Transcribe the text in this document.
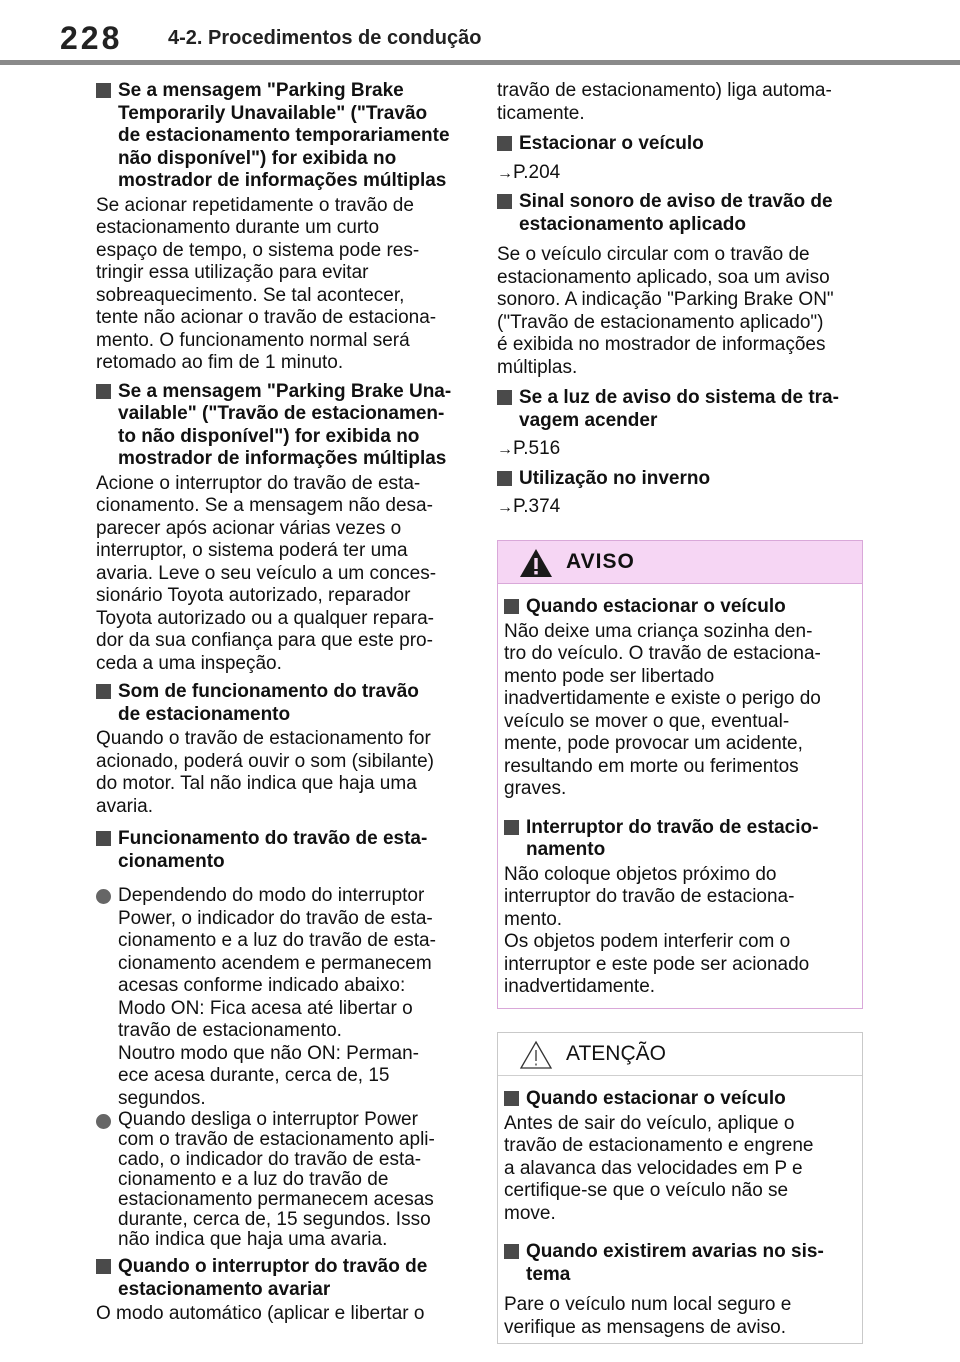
228 4-2. Procedimentos de condução
Se a mensagem "Parking Brake
Temporarily Unavailable" ("Travão
de estacionamento temporariamente
não disponível") for exibida no
mostrador de informações múltiplas
Se acionar repetidamente o travão de
estacionamento durante um curto
espaço de tempo, o sistema pode res-
tringir essa utilização para evitar
sobreaquecimento. Se tal acontecer,
tente não acionar o travão de estaciona-
mento. O funcionamento normal será
retomado ao fim de 1 minuto.
Se a mensagem "Parking Brake Una-
vailable" ("Travão de estacionamen-
to não disponível") for exibida no
mostrador de informações múltiplas
Acione o interruptor do travão de esta-
cionamento. Se a mensagem não desa-
parecer após acionar várias vezes o
interruptor, o sistema poderá ter uma
avaria. Leve o seu veículo a um conces-
sionário Toyota autorizado, reparador
Toyota autorizado ou a qualquer repara-
dor da sua confiança para que este pro-
ceda a uma inspeção.
Som de funcionamento do travão
de estacionamento
Quando o travão de estacionamento for
acionado, poderá ouvir o som (sibilante)
do motor. Tal não indica que haja uma
avaria.
Funcionamento do travão de esta-
cionamento
Dependendo do modo do interruptor
Power, o indicador do travão de esta-
cionamento e a luz do travão de esta-
cionamento acendem e permanecem
acesas conforme indicado abaixo:
Modo ON: Fica acesa até libertar o
travão de estacionamento.
Noutro modo que não ON: Perman-
ece acesa durante, cerca de, 15
segundos.
Quando desliga o interruptor Power
com o travão de estacionamento apli-
cado, o indicador do travão de esta-
cionamento e a luz do travão de
estacionamento permanecem acesas
durante, cerca de, 15 segundos. Isso
não indica que haja uma avaria.
Quando o interruptor do travão de
estacionamento avariar
O modo automático (aplicar e libertar o
travão de estacionamento) liga automa-
ticamente.
Estacionar o veículo
→P.204
Sinal sonoro de aviso de travão de
estacionamento aplicado
Se o veículo circular com o travão de
estacionamento aplicado, soa um aviso
sonoro. A indicação "Parking Brake ON"
("Travão de estacionamento aplicado")
é exibida no mostrador de informações
múltiplas.
Se a luz de aviso do sistema de tra-
vagem acender
→P.516
Utilização no inverno
→P.374
AVISO
Quando estacionar o veículo
Não deixe uma criança sozinha den-
tro do veículo. O travão de estaciona-
mento pode ser libertado
inadvertidamente e existe o perigo do
veículo se mover o que, eventual-
mente, pode provocar um acidente,
resultando em morte ou ferimentos
graves.
Interruptor do travão de estacio-
namento
Não coloque objetos próximo do
interruptor do travão de estaciona-
mento.
Os objetos podem interferir com o
interruptor e este pode ser acionado
inadvertidamente.
ATENÇÃO
Quando estacionar o veículo
Antes de sair do veículo, aplique o
travão de estacionamento e engrene
a alavanca das velocidades em P e
certifique-se que o veículo não se
move.
Quando existirem avarias no sis-
tema
Pare o veículo num local seguro e
verifique as mensagens de aviso.
